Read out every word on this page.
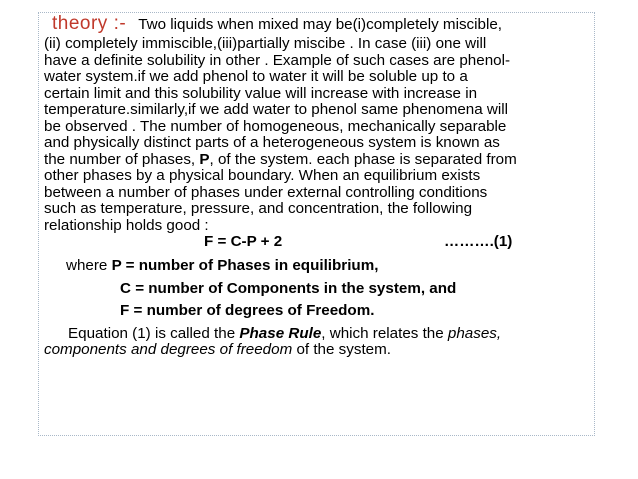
theory :- Two liquids when mixed may be(i)completely miscible,
(ii) completely immiscible,(iii)partially miscibe . In case (iii) one will
have a definite solubility in other . Example of such cases are phenol-
water system.if we add phenol to water it will be soluble up to a
certain limit and this solubility value will increase with increase in
temperature.similarly,if we add water to phenol same phenomena will
be observed . The number of homogeneous, mechanically separable
and physically distinct parts of a heterogeneous system is known as
the number of phases, P, of the system. each phase is separated from
other phases by a physical boundary. When an equilibrium exists
between a number of phases under external controlling conditions
such as temperature, pressure, and concentration, the following
relationship holds good :
F = C-P + 2	……….(1)
where P = number of Phases in equilibrium,
C = number of Components in the system, and
F = number of degrees of Freedom.
Equation (1) is called the Phase Rule, which relates the phases,
components and degrees of freedom of the system.
